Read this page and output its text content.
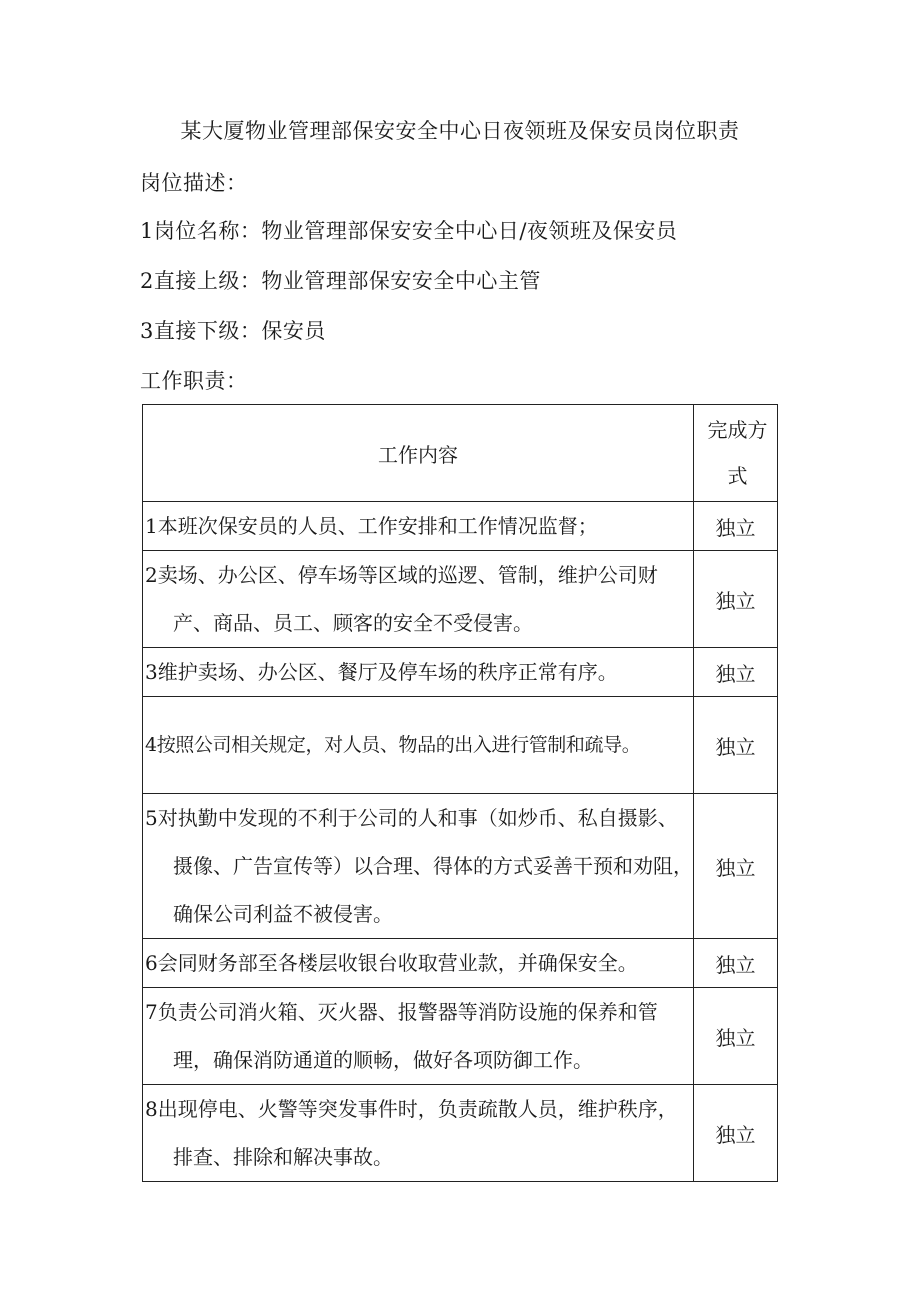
某大厦物业管理部保安安全中心日夜领班及保安员岗位职责
岗位描述：
1岗位名称：物业管理部保安安全中心日/夜领班及保安员
2直接上级：物业管理部保安安全中心主管
3直接下级：保安员
工作职责：
工作内容	完成方
式

1本班次保安员的人员、工作安排和工作情况监督；	独立

2卖场、办公区、停车场等区域的巡逻、管制，维护公司财产、商品、员工、顾客的安全不受侵害。	独立

3维护卖场、办公区、餐厅及停车场的秩序正常有序。	独立

4按照公司相关规定，对人员、物品的出入进行管制和疏导。	独立

5对执勤中发现的不利于公司的人和事（如炒币、私自摄影、摄像、广告宣传等）以合理、得体的方式妥善干预和劝阻，确保公司利益不被侵害。	独立

6会同财务部至各楼层收银台收取营业款，并确保安全。	独立

7负责公司消火箱、灭火器、报警器等消防设施的保养和管理，确保消防通道的顺畅，做好各项防御工作。	独立

8出现停电、火警等突发事件时，负责疏散人员，维护秩序，排查、排除和解决事故。	独立
